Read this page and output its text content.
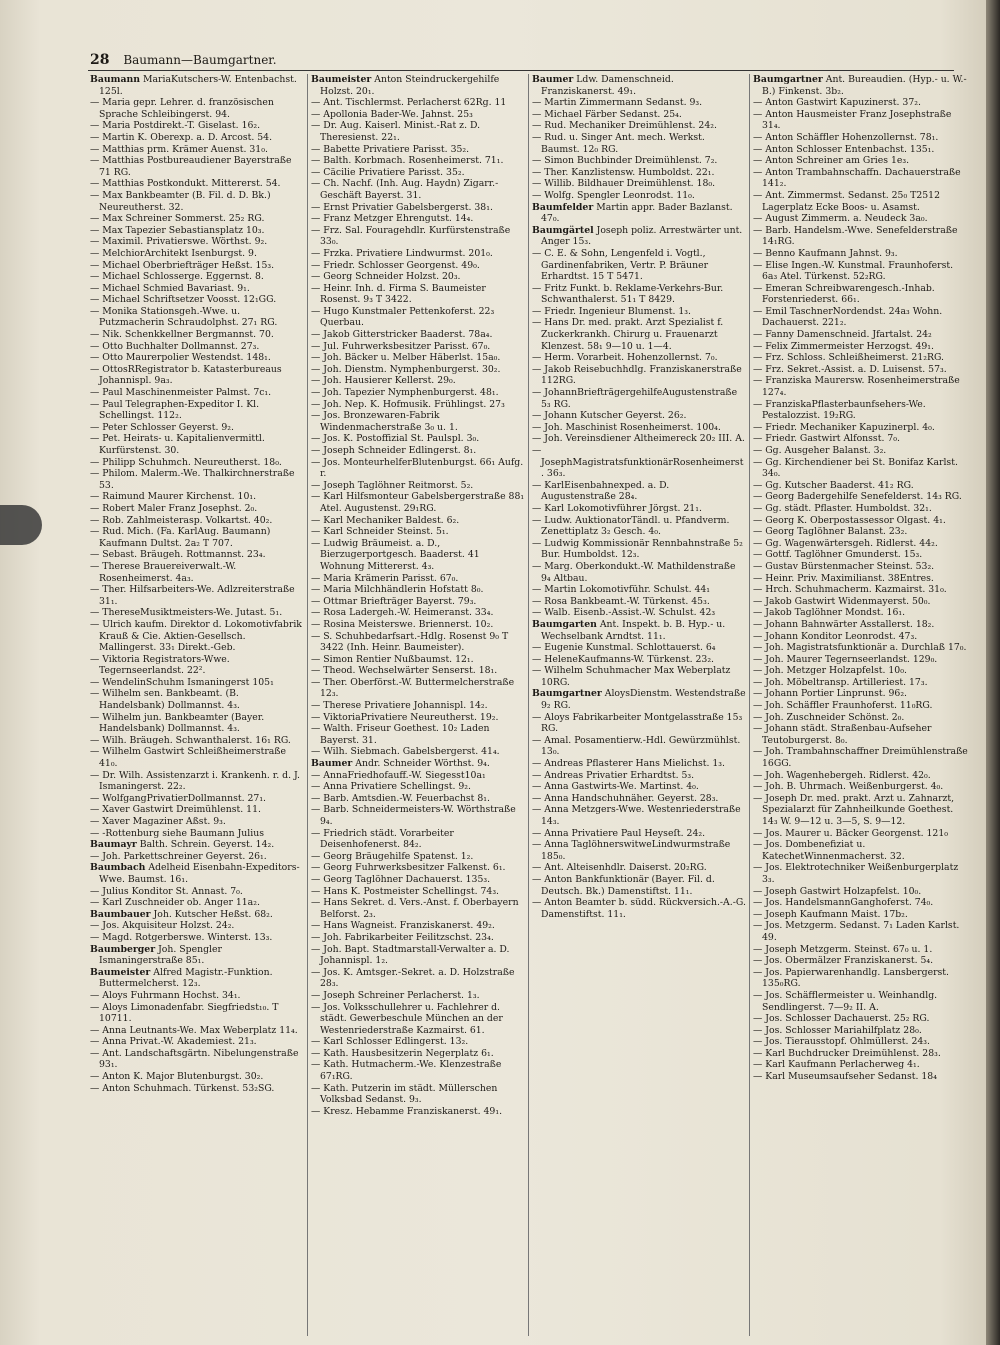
28 Baumann—Baumgartner.
Baumann MariaKutschers-W. Entenbachst. 125l.
— Maria gepr. Lehrer. d. französischen Sprache Schleibingerst. 94.
— Maria Postdirekt.-T. Giselast. 16₂.
— Martin K. Oberexp. a. D. Arcost. 54.
— Matthias prm. Krämer Auenst. 31₀.
— Matthias Postbureaudiener Bayerstraße 71 RG.
— Matthias Postkondukt. Mittererst. 54.
— Max Bankbeamter (B. Fil. d. D. Bk.) Neureutherst. 32.
— Max Schreiner Sommerst. 25₂ RG.
— Max Tapezier Sebastiansplatz 10₃.
— Maximil. Privatierswe. Wörthst. 9₂.
— MelchiorArchitekt Isenburgst. 9.
— Michael Oberbriefträger Heßst. 15₃.
— Michael Schlosserge. Eggernst. 8.
— Michael Schmied Bavariast. 9₁.
— Michael Schriftsetzer Voosst. 12₁GG.
— Monika Stationsgeh.-Wwe. u. Putzmacherin Schraudolphst. 27₁ RG.
— Nik. Schenkkellner Bergmannst. 70.
— Otto Buchhalter Dollmannst. 27₃.
— Otto Maurerpolier Westendst. 148₁.
— OttosRRegistrator b. Katasterbureaus Johannispl. 9a₃.
— Paul Maschinenmeister Palmst. 7c₁.
— Paul Telegraphen-Expeditor I. Kl. Schellingst. 112₂.
— Peter Schlosser Geyerst. 9₂.
— Pet. Heirats- u. Kapitalienvermittl. Kurfürstenst. 30.
— Philipp Schuhmch. Neureutherst. 18₀.
— Philom. Malerm.-We. Thalkirchnerstraße 53.
— Raimund Maurer Kirchenst. 10₁.
— Robert Maler Franz Josephst. 2₀.
— Rob. Zahlmeisterasp. Volkartst. 40₂.
— Rud. Mich. (Fa. KarlAug. Baumann) Kaufmann Dultst. 2a₂ T 707.
— Sebast. Bräugeh. Rottmannst. 23₄.
— Therese Brauereiverwalt.-W. Rosenheimerst. 4a₃.
— Ther. Hilfsarbeiters-We. Adlzreiterstraße 31₁.
— ThereseMusiktmeisters-We. Jutast. 5₁.
— Ulrich kaufm. Direktor d. Lokomotivfabrik Krauß & Cie. Aktien-Gesellsch. Mallingerst. 33₁ Direkt.-Geb.
— Viktoria Registrators-Wwe. Tegernseerlandst. 22².
— WendelinSchuhm Ismaningerst 105₁
— Wilhelm sen. Bankbeamt. (B. Handelsbank) Dollmannst. 4₃.
— Wilhelm jun. Bankbeamter (Bayer. Handelsbank) Dollmannst. 4₃.
— Wilh. Bräugeh. Schwanthalerst. 16₁ RG.
— Wilhelm Gastwirt Schleißheimerstraße 41₀.
— Dr. Wilh. Assistenzarzt i. Krankenh. r. d. J. Ismaningerst. 22₂.
— WolfgangPrivatierDollmannst. 27₁.
— Xaver Gastwirt Dreimühlenst. 11.
— Xaver Magaziner Aßst. 9₃.
— -Rottenburg siehe Baumann Julius
Baumayr Balth. Schrein. Geyerst. 14₂.
— Joh. Parkettschreiner Geyerst. 26₁.
Baumbach Adelheid Eisenbahn-Expeditors-Wwe. Baumst. 16₁.
— Julius Konditor St. Annast. 7₀.
— Karl Zuschneider ob. Anger 11a₂.
Baumbauer Joh. Kutscher Heßst. 68₂.
— Jos. Akquisiteur Holzst. 24₂.
— Magd. Rotgerberswe. Winterst. 13₃.
Baumberger Joh. Spengler Ismaningerstraße 85₁.
Baumeister Alfred Magistr.-Funktion. Buttermelcherst. 12₃.
— Aloys Fuhrmann Hochst. 34₁.
— Aloys Limonadenfabr. Siegfriedst₁₀. T 10711.
— Anna Leutnants-We. Max Weberplatz 11₄.
— Anna Privat.-W. Akademiest. 21₃.
— Ant. Landschaftsgärtn. Nibelungenstraße 93₁.
— Anton K. Major Blutenburgst. 30₂.
— Anton Schuhmach. Türkenst. 53₂SG.
Baumeister Anton Steindruckergehilfe Holzst. 20₁.
— Ant. Tischlermst. Perlacherst 62Rg. 11
— Apollonia Bader-We. Jahnst. 25₃
— Dr. Aug. Kaiserl. Minist.-Rat z. D. Theresienst. 22₁.
— Babette Privatiere Parisst. 35₂.
— Balth. Korbmach. Rosenheimerst. 71₁.
— Cäcilie Privatiere Parisst. 35₂.
— Ch. Nachf. (Inh. Aug. Haydn) Zigarr.-Geschäft Bayerst. 31.
— Ernst Privatier Gabelsbergerst. 38₁.
— Franz Metzger Ehrengutst. 14₄.
— Frz. Sal. Fouragehdlr. Kurfürstenstraße 33₀.
— Frzka. Privatiere Lindwurmst. 201₀.
— Friedr. Schlosser Georgenst. 49₀.
— Georg Schneider Holzst. 20₃.
— Heinr. Inh. d. Firma S. Baumeister Rosenst. 9₃ T 3422.
— Hugo Kunstmaler Pettenkoferst. 22₃ Querbau.
— Jakob Gitterstricker Baaderst. 78a₄.
— Jul. Fuhrwerksbesitzer Parisst. 67₀.
— Joh. Bäcker u. Melber Häberlst. 15a₀.
— Joh. Dienstm. Nymphenburgerst. 30₂.
— Joh. Hausierer Kellerst. 29₀.
— Joh. Tapezier Nymphenburgerst. 48₁.
— Joh. Nep. K. Hofmusik. Frühlingst. 27₃
— Jos. Bronzewaren-Fabrik Windenmacherstraße 3₀ u. 1.
— Jos. K. Postoffizial St. Paulspl. 3₀.
— Joseph Schneider Edlingerst. 8₁.
— Jos. MonteurhelferBlutenburgst. 66₁ Aufg. r.
— Joseph Taglöhner Reitmorst. 5₂.
— Karl Hilfsmonteur Gabelsbergerstraße 88₁ Atel. Augustenst. 29₁RG.
— Karl Mechaniker Baldest. 6₂.
— Karl Schneider Steinst. 5₁.
— Ludwig Bräumeist. a. D., Bierzugerportgesch. Baaderst. 41 Wohnung Mittererst. 4₃.
— Maria Krämerin Parisst. 67₀.
— Maria Milchhändlerin Hofstatt 8₀.
— Ottmar Briefträger Bayerst. 79₃.
— Rosa Ladergeh.-W. Heimeranst. 33₄.
— Rosina Meisterswe. Briennerst. 10₂.
— S. Schuhbedarfsart.-Hdlg. Rosenst 9₀ T 3422 (Inh. Heinr. Baumeister).
— Simon Rentier Nußbaumst. 12₁.
— Theod. Wechselwärter Senserst. 18₁.
— Ther. Oberförst.-W. Buttermelcherstraße 12₃.
— Therese Privatiere Johannispl. 14₂.
— ViktoriaPrivatiere Neureutherst. 19₂.
— Walth. Friseur Goethest. 10₂ Laden Bayerst. 31.
— Wilh. Siebmach. Gabelsbergerst. 41₄.
Baumer Andr. Schneider Wörthst. 9₄.
— AnnaFriedhofauff.-W. Siegesst10a₁
— Anna Privatiere Schellingst. 9₂.
— Barb. Amtsdien.-W. Feuerbachst 8₁.
— Barb. Schneidermeisters-W. Wörthstraße 9₄.
— Friedrich städt. Vorarbeiter Deisenhofenerst. 84₂.
— Georg Bräugehilfe Spatenst. 1₂.
— Georg Fuhrwerksbesitzer Falkenst. 6₁.
— Georg Taglöhner Dachauerst. 135₃.
— Hans K. Postmeister Schellingst. 74₃.
— Hans Sekret. d. Vers.-Anst. f. Oberbayern Belforst. 2₃.
— Hans Wagneist. Franziskanerst. 49₂.
— Joh. Fabrikarbeiter Feilitzschst. 23₄.
— Joh. Bapt. Stadtmarstall-Verwalter a. D. Johannispl. 1₂.
— Jos. K. Amtsger.-Sekret. a. D. Holzstraße 28₃.
— Joseph Schreiner Perlacherst. 1₃.
— Jos. Volksschullehrer u. Fachlehrer d. städt. Gewerbeschule München an der Westenriederstraße Kazmairst. 61.
— Karl Schlosser Edlingerst. 13₂.
— Kath. Hausbesitzerin Negerplatz 6₁.
— Kath. Hutmacherm.-We. Klenzestraße 67₁RG.
— Kath. Putzerin im städt. Müllerschen Volksbad Sedanst. 9₃.
— Kresz. Hebamme Franziskanerst. 49₁.
Baumer Ldw. Damenschneid. Franziskanerst. 49₁.
— Martin Zimmermann Sedanst. 9₃.
— Michael Färber Sedanst. 25₄.
— Rud. Mechaniker Dreimühlenst. 24₂.
— Rud. u. Singer Ant. mech. Werkst. Baumst. 12₀ RG.
— Simon Buchbinder Dreimühlenst. 7₂.
— Ther. Kanzlistensw. Humboldst. 22₁.
— Willib. Bildhauer Dreimühlenst. 18₀.
— Wolfg. Spengler Leonrodst. 11₀.
Baumfelder Martin appr. Bader Bazlanst. 47₀.
Baumgärtel Joseph poliz. Arrestwärter unt. Anger 15₃.
— C. E. & Sohn, Lengenfeld i. Vogtl., Gardinenfabriken, Vertr. P. Bräuner Erhardtst. 15 T 5471.
— Fritz Funkt. b. Reklame-Verkehrs-Bur. Schwanthalerst. 51₁ T 8429.
— Friedr. Ingenieur Blumenst. 1₃.
— Hans Dr. med. prakt. Arzt Spezialist f. Zuckerkrankh. Chirurg u. Frauenarzt Klenzest. 58₁ 9—10 u. 1—4.
— Herm. Vorarbeit. Hohenzollernst. 7₀.
— Jakob Reisebuchhdlg. Franziskanerstraße 112RG.
— JohannBriefträgergehilfeAugustenstraße 5₃ RG.
— Johann Kutscher Geyerst. 26₂.
— Joh. Maschinist Rosenheimerst. 100₄.
— Joh. Vereinsdiener Altheimereck 20₂ III. A.
— JosephMagistratsfunktionärRosenheimerst. 36₃.
— KarlEisenbahnexped. a. D. Augustenstraße 28₄.
— Karl Lokomotivführer Jörgst. 21₁.
— Ludw. AuktionatorTändl. u. Pfandverm. Zenettiplatz 3₂ Gesch. 4₀.
— Ludwig Kommissionär Rennbahnstraße 5₂ Bur. Humboldst. 12₃.
— Marg. Oberkondukt.-W. Mathildenstraße 9₄ Altbau.
— Martin Lokomotivführ. Schulst. 44₁
— Rosa Bankbeamt.-W. Türkenst. 45₃.
— Walb. Eisenb.-Assist.-W. Schulst. 42₃
Baumgarten Ant. Inspekt. b. B. Hyp.- u. Wechselbank Arndtst. 11₁.
— Eugenie Kunstmal. Schlottauerst. 6₄
— HeleneKaufmanns-W. Türkenst. 23₂.
— Wilhelm Schuhmacher Max Weberplatz 10RG.
Baumgartner AloysDienstm. Westendstraße 9₂ RG.
— Aloys Fabrikarbeiter Montgelasstraße 15₃ RG.
— Amal. Posamentierw.-Hdl. Gewürzmühlst. 13₀.
— Andreas Pflasterer Hans Mielichst. 1₃.
— Andreas Privatier Erhardtst. 5₃.
— Anna Gastwirts-We. Martinst. 4₀.
— Anna Handschuhnäher. Geyerst. 28₃.
— Anna Metzgers-Wwe. Westenriederstraße 14₃.
— Anna Privatiere Paul Heyseſt. 24₂.
— Anna TaglöhnerswitweLindwurmstraße 185₀.
— Ant. Alteisenhdlr. Daiserst. 20₂RG.
— Anton Bankfunktionär (Bayer. Fil. d. Deutsch. Bk.) Damenstiftst. 11₁.
— Anton Beamter b. südd. Rückversich.-A.-G. Damenstiftst. 11₁.
Baumgartner Ant. Bureaudien. (Hyp.- u. W.-B.) Finkenst. 3b₂.
— Anton Gastwirt Kapuzinerst. 37₂.
— Anton Hausmeister Franz Josephstraße 31₄.
— Anton Schäffler Hohenzollernst. 78₁.
— Anton Schlosser Entenbachst. 135₁.
— Anton Schreiner am Gries 1e₃.
— Anton Trambahnschaffn. Dachauerstraße 141₂.
— Ant. Zimmermst. Sedanst. 25₀ T2512 Lagerplatz Ecke Boos- u. Asamst.
— August Zimmerm. a. Neudeck 3a₀.
— Barb. Handelsm.-Wwe. Senefelderstraße 14₁RG.
— Benno Kaufmann Jahnst. 9₃.
— Elise Ingen.-W. Kunstmal. Fraunhoferst. 6a₃ Atel. Türkenst. 52₂RG.
— Emeran Schreibwarengesch.-Inhab. Forstenriederst. 66₁.
— Emil TaschnerNordendst. 24a₃ Wohn. Dachauerst. 221₂.
— Fanny Damenschneid. Jfartalst. 24₂
— Felix Zimmermeister Herzogst. 49₁.
— Frz. Schloss. Schleißheimerst. 21₂RG.
— Frz. Sekret.-Assist. a. D. Luisenst. 57₃.
— Franziska Maurersw. Rosenheimerstraße 127₄.
— FranziskaPflasterbaunfsehers-We. Pestalozzist. 19₂RG.
— Friedr. Mechaniker Kapuzinerpl. 4₀.
— Friedr. Gastwirt Alfonsst. 7₀.
— Gg. Ausgeher Balanst. 3₂.
— Gg. Kirchendiener bei St. Bonifaz Karlst. 34₀.
— Gg. Kutscher Baaderst. 41₂ RG.
— Georg Badergehilfe Senefelderst. 14₃ RG.
— Gg. städt. Pflaster. Humboldst. 32₁.
— Georg K. Oberpostassessor Olgast. 4₁.
— Georg Taglöhner Balanst. 23₂.
— Gg. Wagenwärtersgeh. Ridlerst. 44₂.
— Gottf. Taglöhner Gmunderst. 15₃.
— Gustav Bürstenmacher Steinst. 53₂.
— Heinr. Priv. Maximilianst. 38Entres.
— Hrch. Schuhmacherm. Kazmairst. 31₀.
— Jakob Gastwirt Widenmayerst. 50₀.
— Jakob Taglöhner Mondst. 16₁.
— Johann Bahnwärter Asstallerst. 18₂.
— Johann Konditor Leonrodst. 47₃.
— Joh. Magistratsfunktionär a. Durchlaß 17₀.
— Joh. Maurer Tegernseerlandst. 129₀.
— Joh. Metzger Holzapfelst. 10₀.
— Joh. Möbeltransp. Artilleriest. 17₃.
— Johann Portier Linprunst. 96₂.
— Joh. Schäffler Fraunhoferst. 11₀RG.
— Joh. Zuschneider Schönst. 2₀.
— Johann städt. Straßenbau-Aufseher Teutoburgerst. 8₀.
— Joh. Trambahnschaffner Dreimühlenstraße 16GG.
— Joh. Wagenhebergeh. Ridlerst. 42₀.
— Joh. B. Uhrmach. Weißenburgerst. 4₀.
— Joseph Dr. med. prakt. Arzt u. Zahnarzt, Spezialarzt für Zahnheilkunde Goethest. 14₃ W. 9—12 u. 3—5, S. 9—12.
— Jos. Maurer u. Bäcker Georgenst. 121₀
— Jos. Dombenefiziat u. KatechetWinnenmacherst. 32.
— Jos. Elektrotechniker Weißenburgerplatz 3₃.
— Joseph Gastwirt Holzapfelst. 10₀.
— Jos. HandelsmannGanghoferst. 74₀.
— Joseph Kaufmann Maist. 17b₂.
— Jos. Metzgerm. Sedanst. 7₁ Laden Karlst. 49.
— Joseph Metzgerm. Steinst. 67₀ u. 1.
— Jos. Obermälzer Franziskanerst. 5₄.
— Jos. Papierwarenhandlg. Lansbergerst. 135₀RG.
— Jos. Schäfflermeister u. Weinhandlg. Sendlingerst. 7—9₂ II. A.
— Jos. Schlosser Dachauerst. 25₂ RG.
— Jos. Schlosser Mariahilfplatz 28₀.
— Jos. Tierausstopf. Ohlmüllerst. 24₃.
— Karl Buchdrucker Dreimühlenst. 28₃.
— Karl Kaufmann Perlacherweg 4₁.
— Karl Museumsaufseher Sedanst. 18₄
